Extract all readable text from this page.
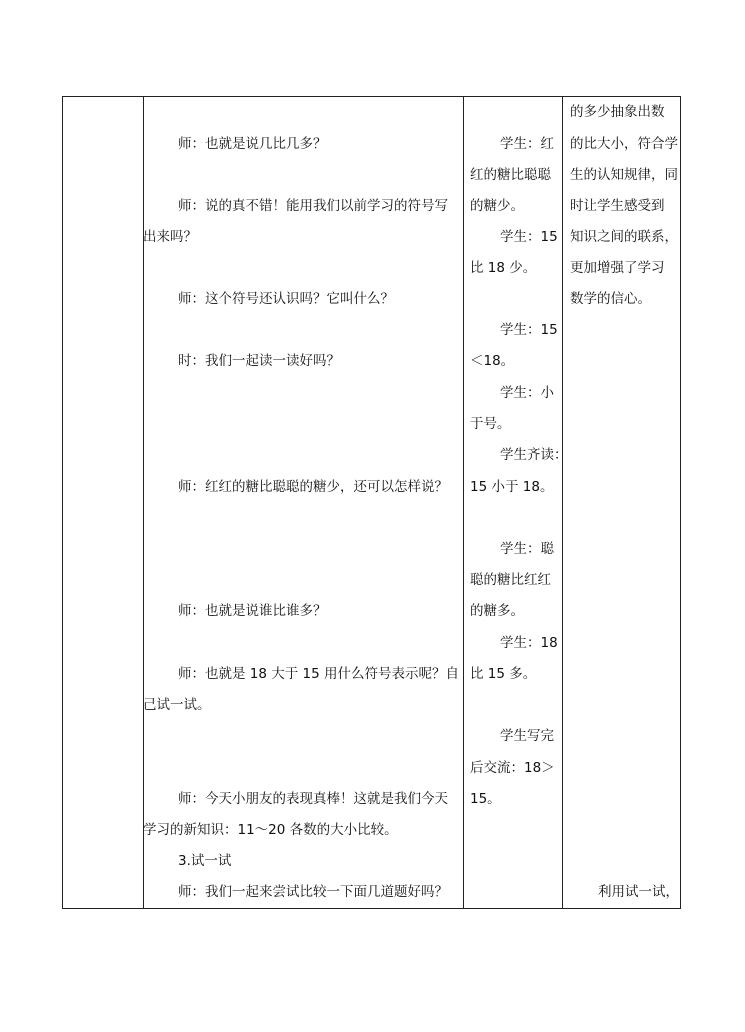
师：也就是说几比几多？
师：说的真不错！能用我们以前学习的符号写
出来吗？
师：这个符号还认识吗？它叫什么？
时：我们一起读一读好吗？
师：红红的糖比聪聪的糖少，还可以怎样说？
师：也就是说谁比谁多？
师：也就是 18 大于 15 用什么符号表示呢？自
己试一试。
师：今天小朋友的表现真棒！这就是我们今天
学习的新知识：11～20 各数的大小比较。
3.试一试
师：我们一起来尝试比较一下面几道题好吗？
学生：红
红的糖比聪聪
的糖少。
学生：15
比 18 少。
学生：15
＜18。
学生：小
于号。
学生齐读：
15 小于 18。
学生：聪
聪的糖比红红
的糖多。
学生：18
比 15 多。
学生写完
后交流：18＞
15。
的多少抽象出数
的比大小，符合学
生的认知规律，同
时让学生感受到
知识之间的联系，
更加增强了学习
数学的信心。
利用试一试，
